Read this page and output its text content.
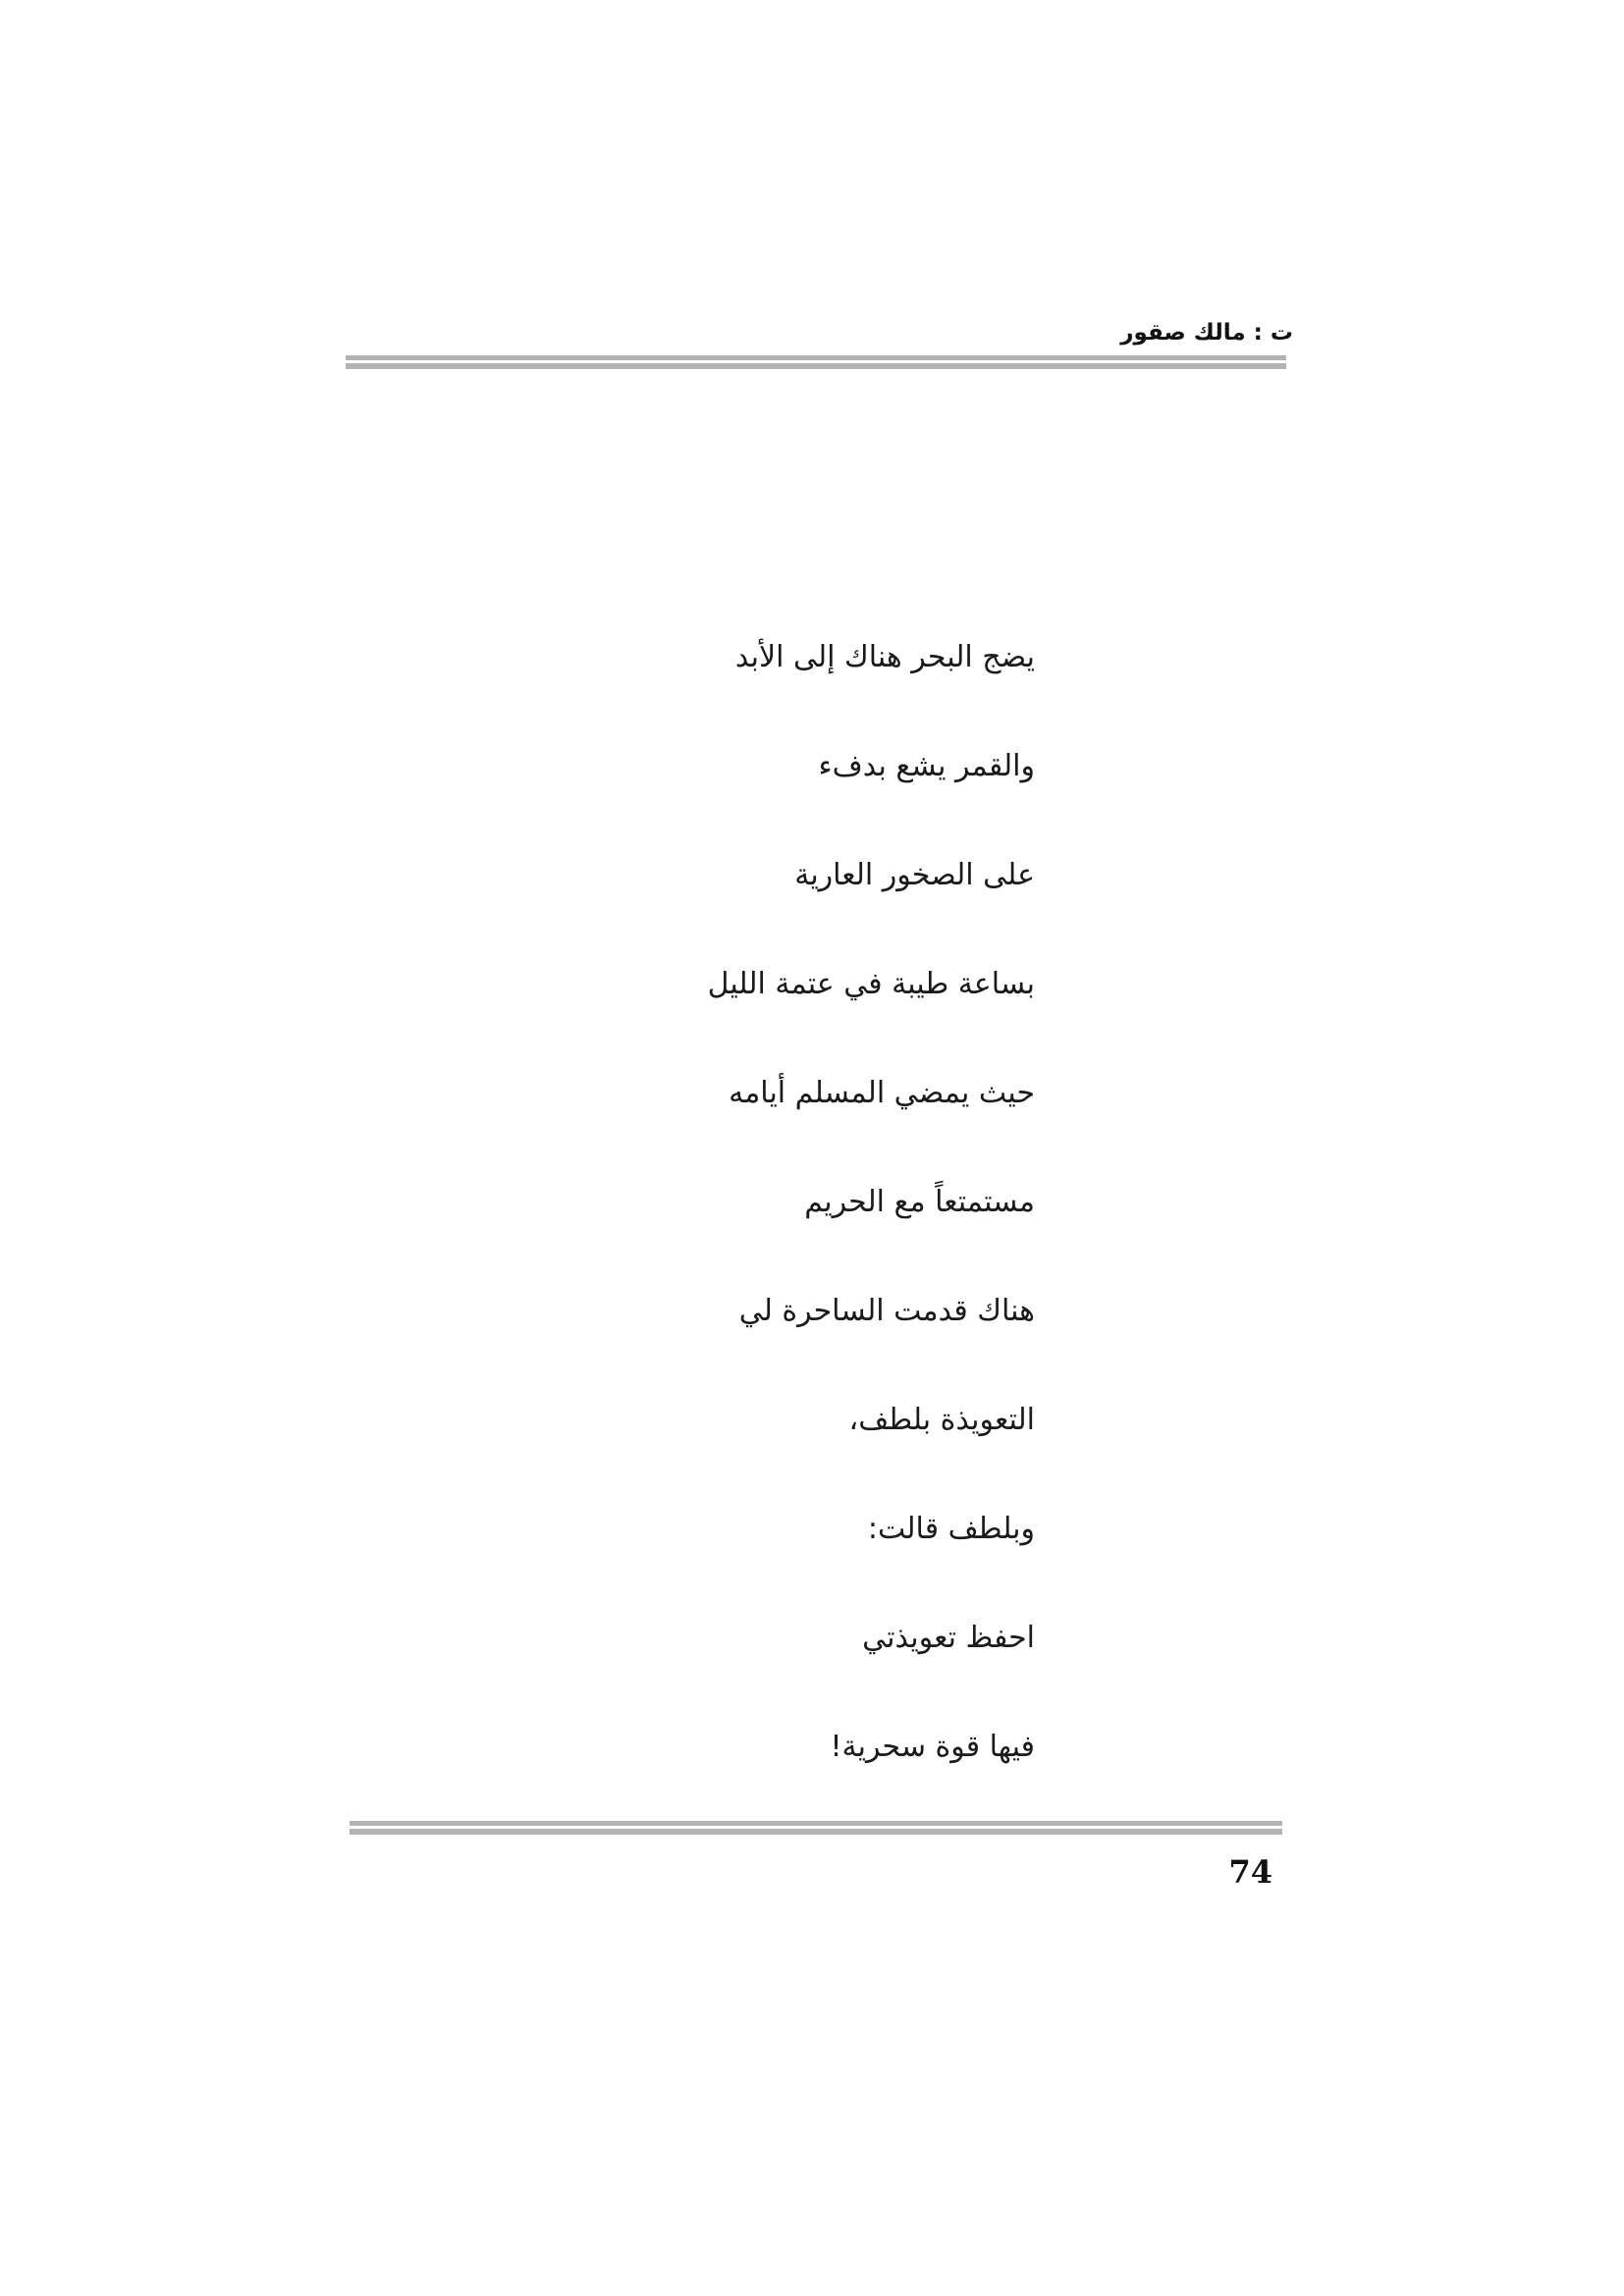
ت : مالك صقور
يضج البحر هناك إلى الأبد
والقمر يشع بدفء
على الصخور العارية
بساعة طيبة في عتمة الليل
حيث يمضي المسلم أيامه
مستمتعاً مع الحريم
هناك قدمت الساحرة لي
التعويذة بلطف،
وبلطف قالت:
احفظ تعويذتي
فيها قوة سحرية!
74
